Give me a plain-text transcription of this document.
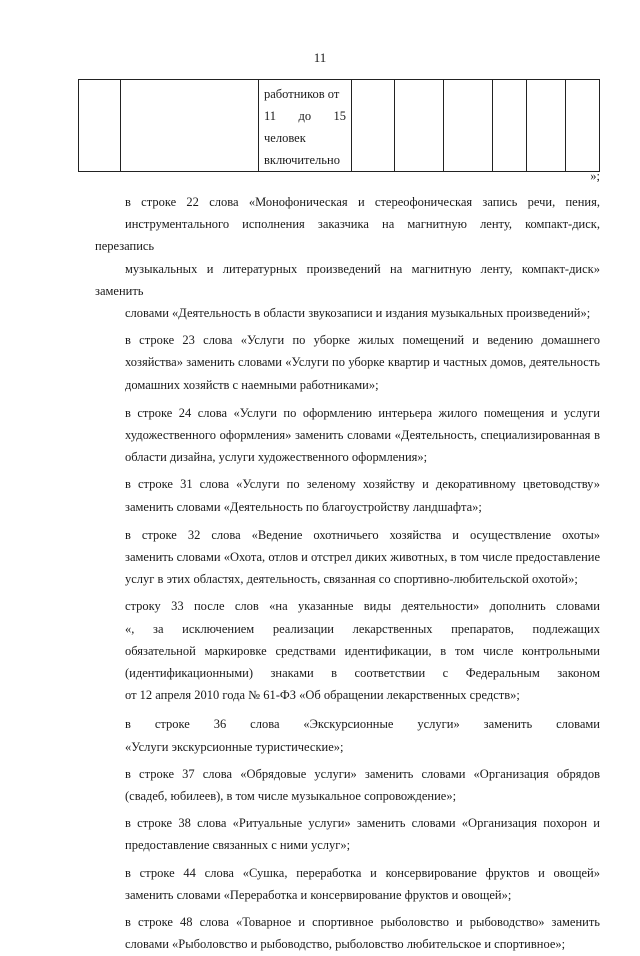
11

работников от
11 до 15
человек
включительно

»;

в строке 22 слова «Монофоническая и стереофоническая запись речи, пения,
инструментального исполнения заказчика на магнитную ленту, компакт-диск, перезапись
музыкальных и литературных произведений на магнитную ленту, компакт-диск» заменить
словами «Деятельность в области звукозаписи и издания музыкальных произведений»;

в строке 23 слова «Услуги по уборке жилых помещений и ведению домашнего
хозяйства» заменить словами «Услуги по уборке квартир и частных домов, деятельность
домашних хозяйств с наемными работниками»;

в строке 24 слова «Услуги по оформлению интерьера жилого помещения и услуги
художественного оформления» заменить словами «Деятельность, специализированная в
области дизайна, услуги художественного оформления»;

в строке 31 слова «Услуги по зеленому хозяйству и декоративному цветоводству»
заменить словами «Деятельность по благоустройству ландшафта»;

в строке 32 слова «Ведение охотничьего хозяйства и осуществление охоты»
заменить словами «Охота, отлов и отстрел диких животных, в том числе предоставление
услуг в этих областях, деятельность, связанная со спортивно-любительской охотой»;

строку 33 после слов «на указанные виды деятельности» дополнить словами
«, за исключением реализации лекарственных препаратов, подлежащих
обязательной маркировке средствами идентификации, в том числе контрольными
(идентификационными) знаками в соответствии с Федеральным законом
от 12 апреля 2010 года № 61-ФЗ «Об обращении лекарственных средств»;

в строке 36 слова «Экскурсионные услуги» заменить словами
«Услуги экскурсионные туристические»;

в строке 37 слова «Обрядовые услуги» заменить словами «Организация обрядов
(свадеб, юбилеев), в том числе музыкальное сопровождение»;

в строке 38 слова «Ритуальные услуги» заменить словами «Организация похорон и
предоставление связанных с ними услуг»;

в строке 44 слова «Сушка, переработка и консервирование фруктов и овощей»
заменить словами «Переработка и консервирование фруктов и овощей»;

в строке 48 слова «Товарное и спортивное рыболовство и рыбоводство» заменить
словами «Рыболовство и рыбоводство, рыболовство любительское и спортивное»;
